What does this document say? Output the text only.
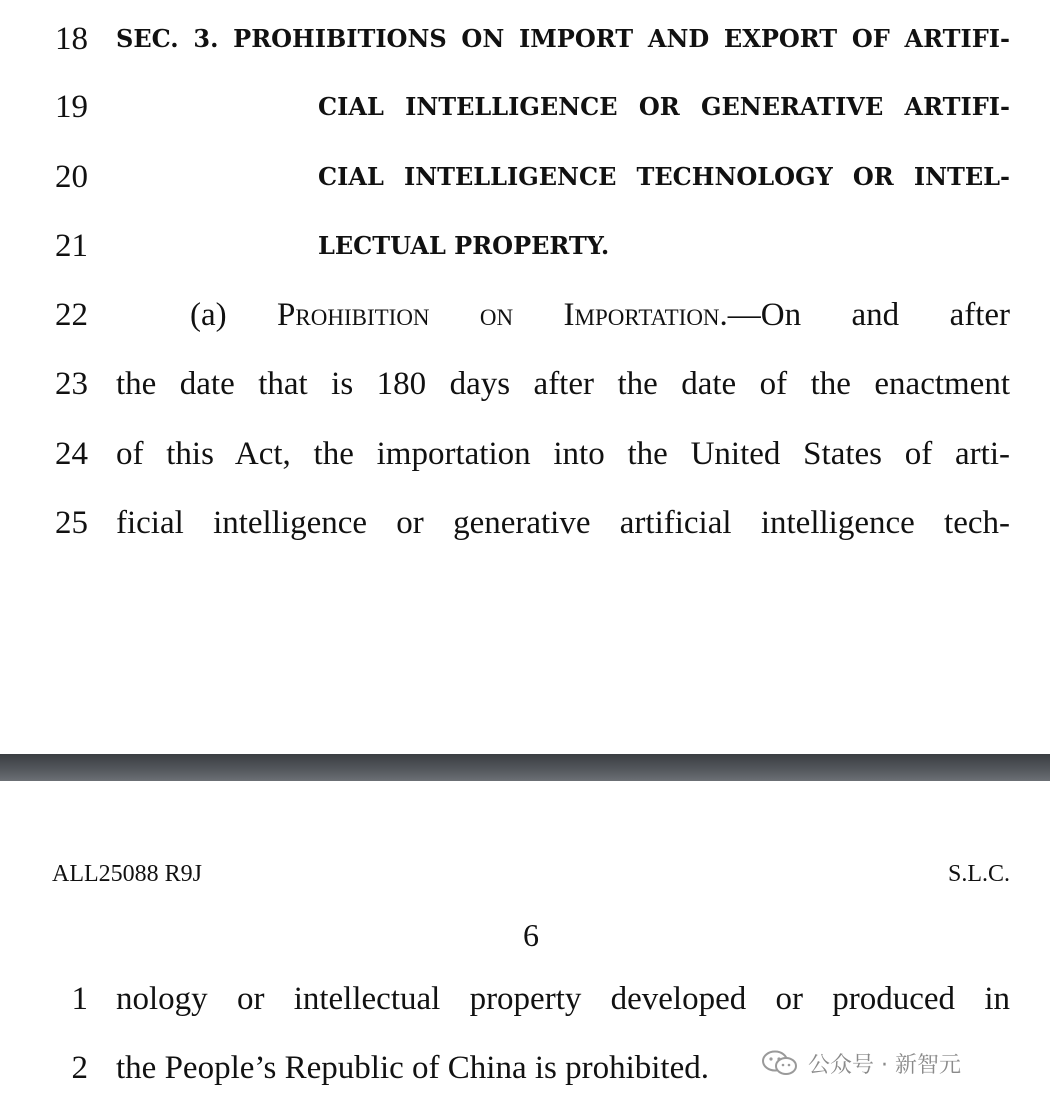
18 SEC. 3. PROHIBITIONS ON IMPORT AND EXPORT OF ARTIFI-
19	CIAL INTELLIGENCE OR GENERATIVE ARTIFI-
20	CIAL INTELLIGENCE TECHNOLOGY OR INTEL-
21	LECTUAL PROPERTY.
22	(a) Prohibition on Importation.—On and after
23 the date that is 180 days after the date of the enactment
24 of this Act, the importation into the United States of arti-
25 ficial intelligence or generative artificial intelligence tech-
ALL25088 R9J	S.L.C.
6
1 nology or intellectual property developed or produced in
2 the People’s Republic of China is prohibited.	公众号 · 新智元
